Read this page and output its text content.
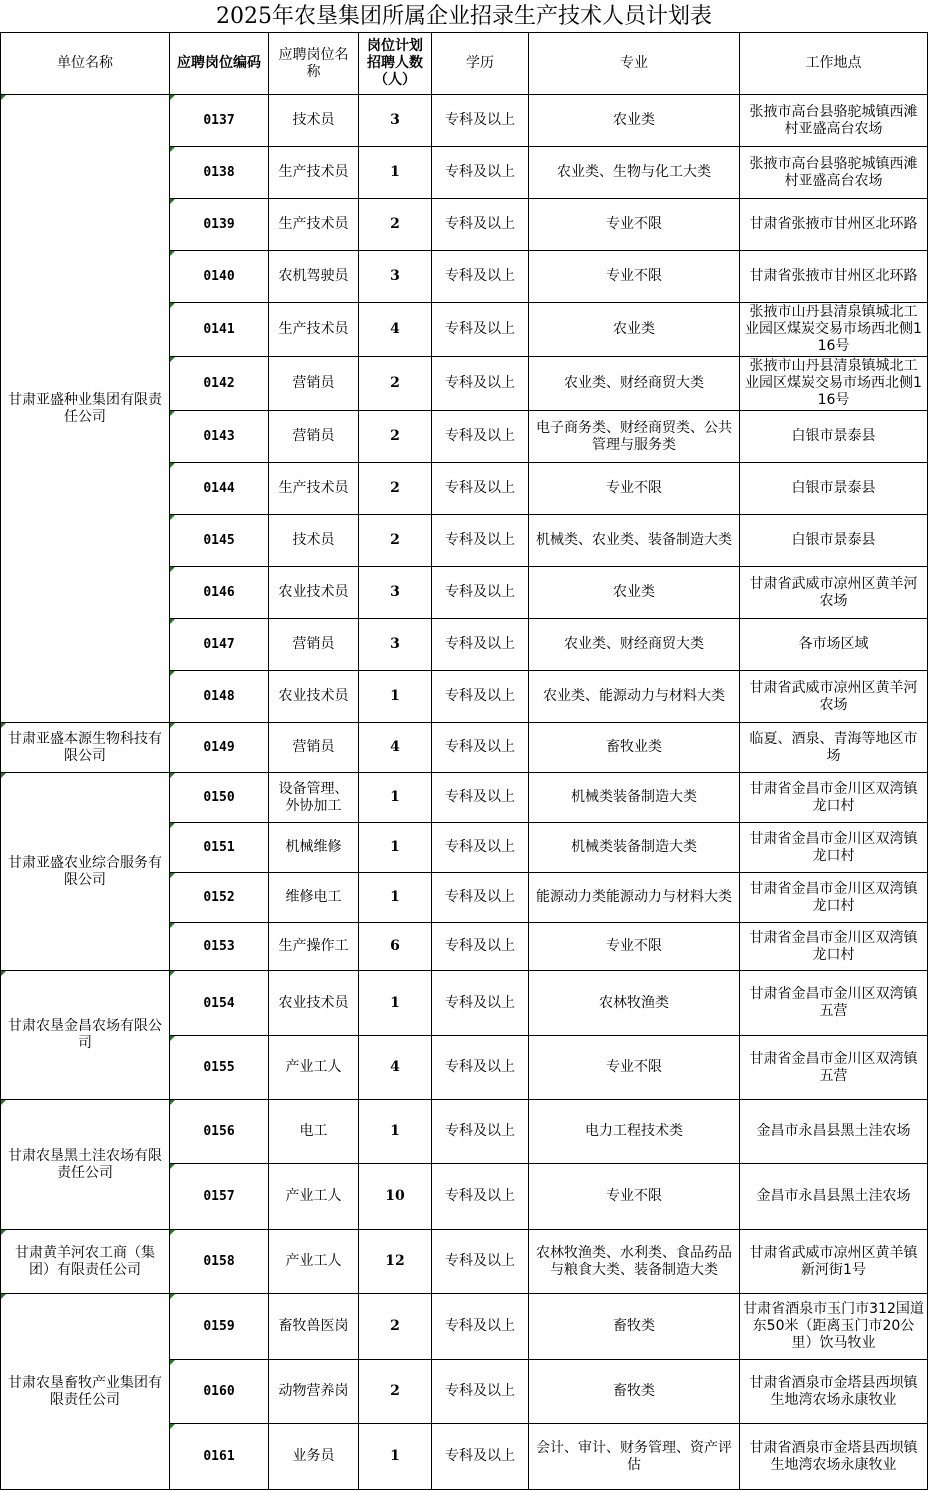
2025年农垦集团所属企业招录生产技术人员计划表
单位名称	应聘岗位编码	应聘岗位名称	岗位计划招聘人数（人）	学历	专业	工作地点
甘肃亚盛种业集团有限责任公司	0137	技术员	3	专科及以上	农业类	张掖市高台县骆驼城镇西滩村亚盛高台农场
	0138	生产技术员	1	专科及以上	农业类、生物与化工大类	张掖市高台县骆驼城镇西滩村亚盛高台农场
	0139	生产技术员	2	专科及以上	专业不限	甘肃省张掖市甘州区北环路
	0140	农机驾驶员	3	专科及以上	专业不限	甘肃省张掖市甘州区北环路
	0141	生产技术员	4	专科及以上	农业类	张掖市山丹县清泉镇城北工业园区煤炭交易市场西北侧116号
	0142	营销员	2	专科及以上	农业类、财经商贸大类	张掖市山丹县清泉镇城北工业园区煤炭交易市场西北侧116号
	0143	营销员	2	专科及以上	电子商务类、财经商贸类、公共管理与服务类	白银市景泰县
	0144	生产技术员	2	专科及以上	专业不限	白银市景泰县
	0145	技术员	2	专科及以上	机械类、农业类、装备制造大类	白银市景泰县
	0146	农业技术员	3	专科及以上	农业类	甘肃省武威市凉州区黄羊河农场
	0147	营销员	3	专科及以上	农业类、财经商贸大类	各市场区域
	0148	农业技术员	1	专科及以上	农业类、能源动力与材料大类	甘肃省武威市凉州区黄羊河农场
甘肃亚盛本源生物科技有限公司	0149	营销员	4	专科及以上	畜牧业类	临夏、酒泉、青海等地区市场
甘肃亚盛农业综合服务有限公司	0150	设备管理、外协加工	1	专科及以上	机械类装备制造大类	甘肃省金昌市金川区双湾镇龙口村
	0151	机械维修	1	专科及以上	机械类装备制造大类	甘肃省金昌市金川区双湾镇龙口村
	0152	维修电工	1	专科及以上	能源动力类能源动力与材料大类	甘肃省金昌市金川区双湾镇龙口村
	0153	生产操作工	6	专科及以上	专业不限	甘肃省金昌市金川区双湾镇龙口村
甘肃农垦金昌农场有限公司	0154	农业技术员	1	专科及以上	农林牧渔类	甘肃省金昌市金川区双湾镇五营
	0155	产业工人	4	专科及以上	专业不限	甘肃省金昌市金川区双湾镇五营
甘肃农垦黑土洼农场有限责任公司	0156	电工	1	专科及以上	电力工程技术类	金昌市永昌县黑土洼农场
	0157	产业工人	10	专科及以上	专业不限	金昌市永昌县黑土洼农场
甘肃黄羊河农工商（集团）有限责任公司	0158	产业工人	12	专科及以上	农林牧渔类、水利类、食品药品与粮食大类、装备制造大类	甘肃省武威市凉州区黄羊镇新河街1号
甘肃农垦畜牧产业集团有限责任公司	0159	畜牧兽医岗	2	专科及以上	畜牧类	甘肃省酒泉市玉门市312国道东50米（距离玉门市20公里）饮马牧业
	0160	动物营养岗	2	专科及以上	畜牧类	甘肃省酒泉市金塔县西坝镇生地湾农场永康牧业
	0161	业务员	1	专科及以上	会计、审计、财务管理、资产评估	甘肃省酒泉市金塔县西坝镇生地湾农场永康牧业
